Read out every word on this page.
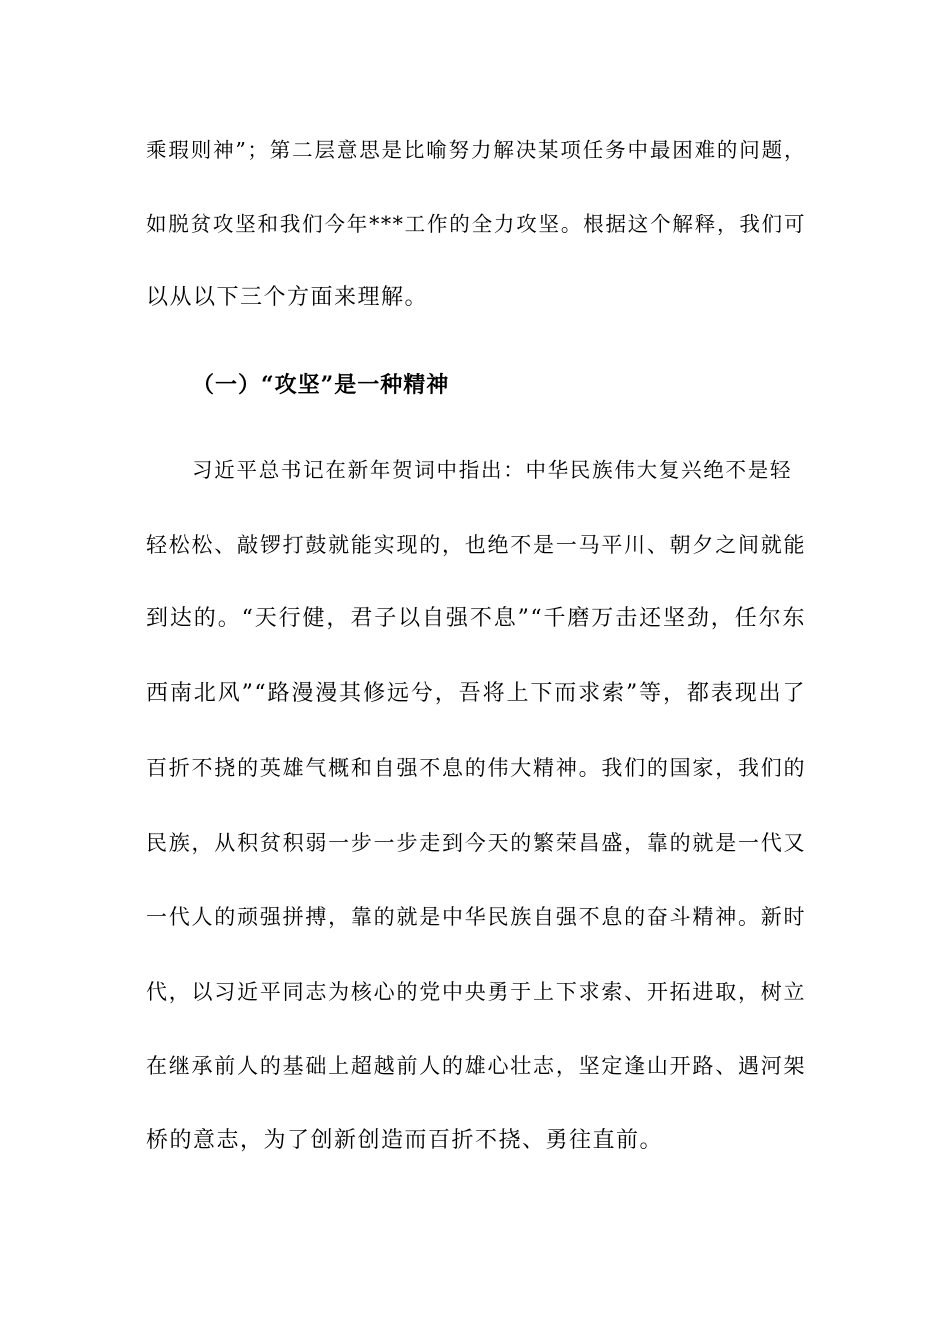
乘瑕则神”；第二层意思是比喻努力解决某项任务中最困难的问题，
如脱贫攻坚和我们今年***工作的全力攻坚。根据这个解释，我们可
以从以下三个方面来理解。
（一）“攻坚”是一种精神
习近平总书记在新年贺词中指出：中华民族伟大复兴绝不是轻
轻松松、敲锣打鼓就能实现的，也绝不是一马平川、朝夕之间就能
到达的。“天行健，君子以自强不息”“千磨万击还坚劲，任尔东
西南北风”“路漫漫其修远兮，吾将上下而求索”等，都表现出了
百折不挠的英雄气概和自强不息的伟大精神。我们的国家，我们的
民族，从积贫积弱一步一步走到今天的繁荣昌盛，靠的就是一代又
一代人的顽强拼搏，靠的就是中华民族自强不息的奋斗精神。新时
代，以习近平同志为核心的党中央勇于上下求索、开拓进取，树立
在继承前人的基础上超越前人的雄心壮志，坚定逢山开路、遇河架
桥的意志，为了创新创造而百折不挠、勇往直前。
